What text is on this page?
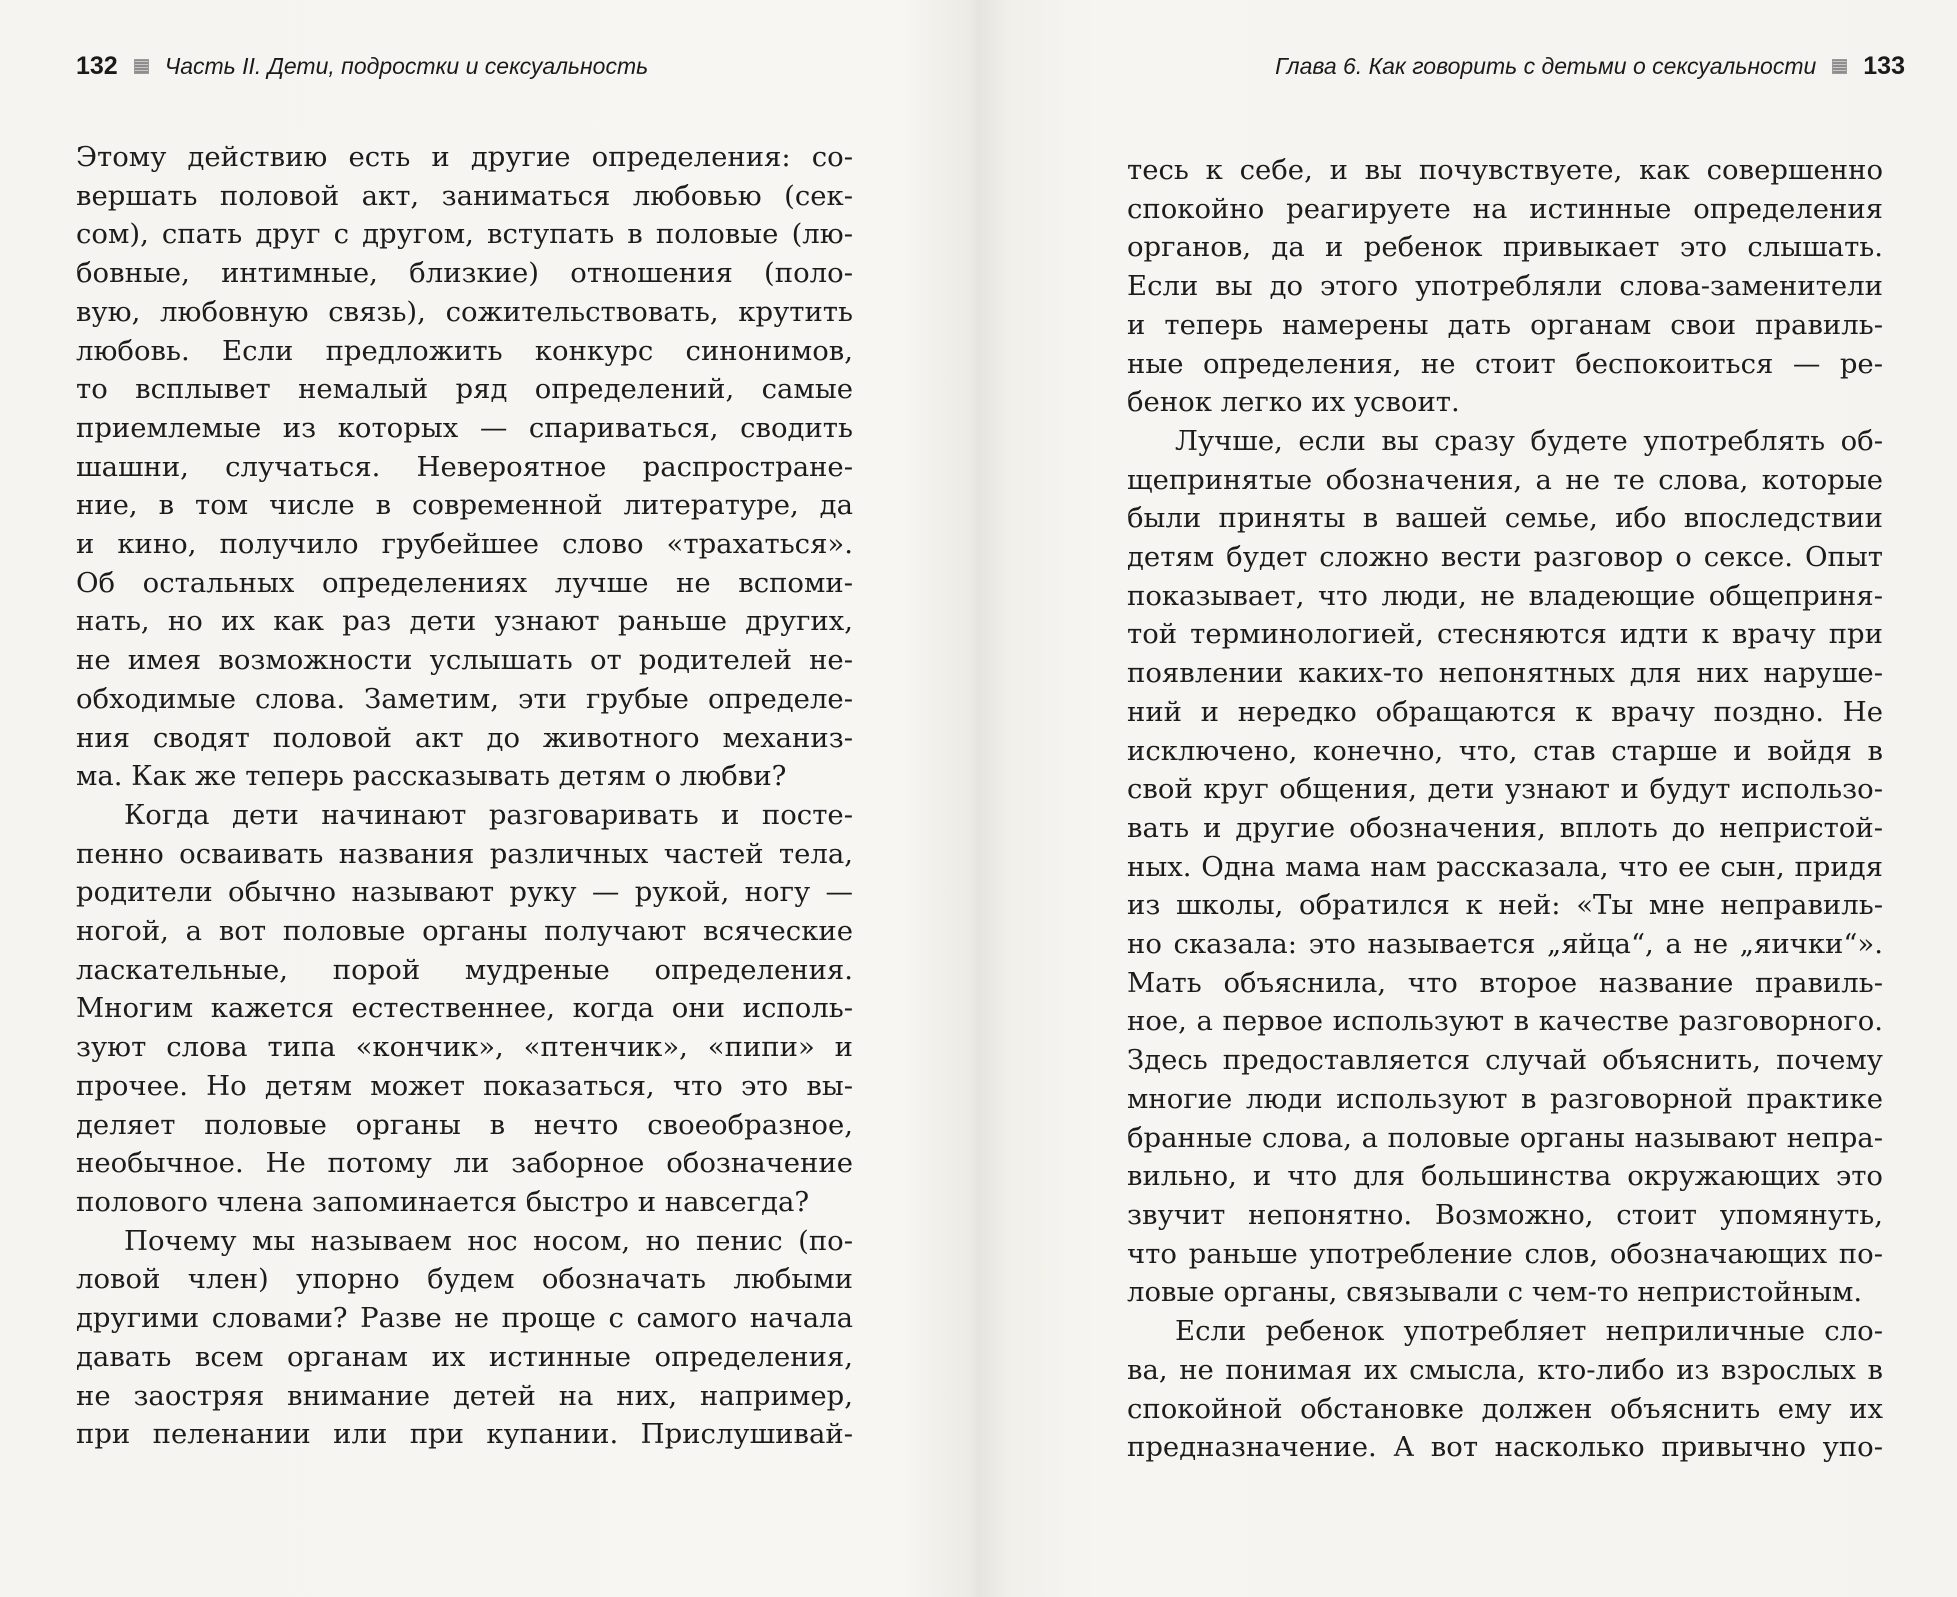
132 Часть II. Дети, подростки и сексуальность
Этому действию есть и другие определения: со-
вершать половой акт, заниматься любовью (сек-
сом), спать друг с другом, вступать в половые (лю-
бовные, интимные, близкие) отношения (поло-
вую, любовную связь), сожительствовать, крутить
любовь. Если предложить конкурс синонимов,
то всплывет немалый ряд определений, самые
приемлемые из которых — спариваться, сводить
шашни, случаться. Невероятное распростране-
ние, в том числе в современной литературе, да
и кино, получило грубейшее слово «трахаться».
Об остальных определениях лучше не вспоми-
нать, но их как раз дети узнают раньше других,
не имея возможности услышать от родителей не-
обходимые слова. Заметим, эти грубые определе-
ния сводят половой акт до животного механиз-
ма. Как же теперь рассказывать детям о любви?
Когда дети начинают разговаривать и посте-
пенно осваивать названия различных частей тела,
родители обычно называют руку — рукой, ногу —
ногой, а вот половые органы получают всяческие
ласкательные, порой мудреные определения.
Многим кажется естественнее, когда они исполь-
зуют слова типа «кончик», «птенчик», «пипи» и
прочее. Но детям может показаться, что это вы-
деляет половые органы в нечто своеобразное,
необычное. Не потому ли заборное обозначение
полового члена запоминается быстро и навсегда?
Почему мы называем нос носом, но пенис (по-
ловой член) упорно будем обозначать любыми
другими словами? Разве не проще с самого начала
давать всем органам их истинные определения,
не заостряя внимание детей на них, например,
при пеленании или при купании. Прислушивай-
Глава 6. Как говорить с детьми о сексуальности 133
тесь к себе, и вы почувствуете, как совершенно
спокойно реагируете на истинные определения
органов, да и ребенок привыкает это слышать.
Если вы до этого употребляли слова-заменители
и теперь намерены дать органам свои правиль-
ные определения, не стоит беспокоиться — ре-
бенок легко их усвоит.
Лучше, если вы сразу будете употреблять об-
щепринятые обозначения, а не те слова, которые
были приняты в вашей семье, ибо впоследствии
детям будет сложно вести разговор о сексе. Опыт
показывает, что люди, не владеющие общеприня-
той терминологией, стесняются идти к врачу при
появлении каких-то непонятных для них наруше-
ний и нередко обращаются к врачу поздно. Не
исключено, конечно, что, став старше и войдя в
свой круг общения, дети узнают и будут использо-
вать и другие обозначения, вплоть до непристой-
ных. Одна мама нам рассказала, что ее сын, придя
из школы, обратился к ней: «Ты мне неправиль-
но сказала: это называется „яйца“, а не „яички“».
Мать объяснила, что второе название правиль-
ное, а первое используют в качестве разговорного.
Здесь предоставляется случай объяснить, почему
многие люди используют в разговорной практике
бранные слова, а половые органы называют непра-
вильно, и что для большинства окружающих это
звучит непонятно. Возможно, стоит упомянуть,
что раньше употребление слов, обозначающих по-
ловые органы, связывали с чем-то непристойным.
Если ребенок употребляет неприличные сло-
ва, не понимая их смысла, кто-либо из взрослых в
спокойной обстановке должен объяснить ему их
предназначение. А вот насколько привычно упо-
